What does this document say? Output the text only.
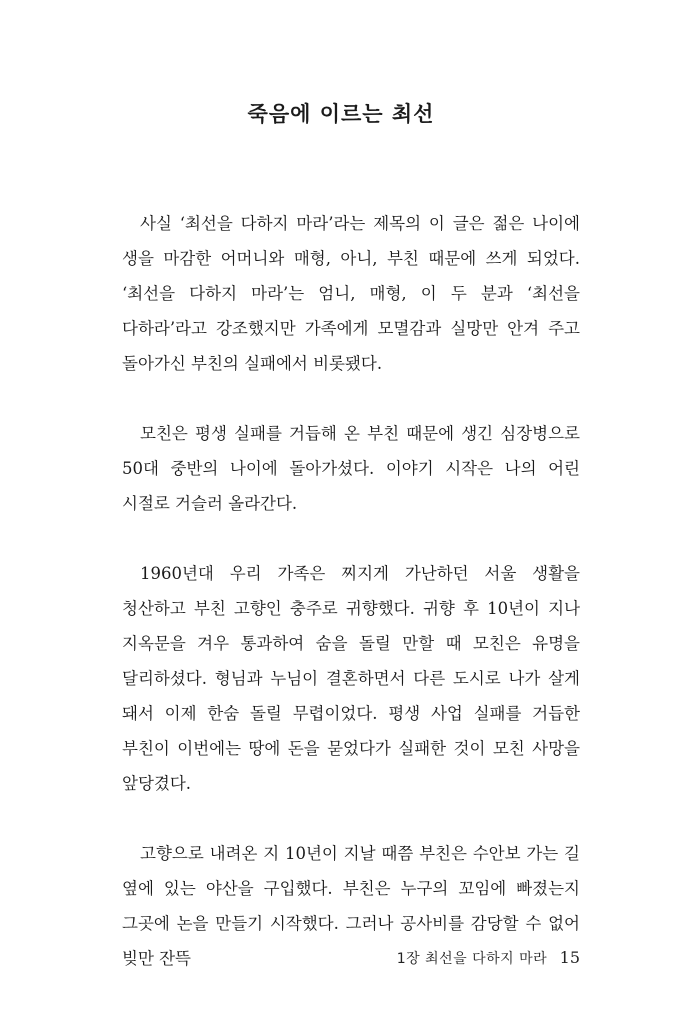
죽음에 이르는 최선

사실 ‘최선을 다하지 마라’라는 제목의 이 글은 젊은 나이에 생을 마감한 어머니와 매형, 아니, 부친 때문에 쓰게 되었다. ‘최선을 다하지 마라’는 엄니, 매형, 이 두 분과 ‘최선을 다하라’라고 강조했지만 가족에게 모멸감과 실망만 안겨 주고 돌아가신 부친의 실패에서 비롯됐다.

모친은 평생 실패를 거듭해 온 부친 때문에 생긴 심장병으로 50대 중반의 나이에 돌아가셨다. 이야기 시작은 나의 어린 시절로 거슬러 올라간다.

1960년대 우리 가족은 찌지게 가난하던 서울 생활을 청산하고 부친 고향인 충주로 귀향했다. 귀향 후 10년이 지나 지옥문을 겨우 통과하여 숨을 돌릴 만할 때 모친은 유명을 달리하셨다. 형님과 누님이 결혼하면서 다른 도시로 나가 살게 돼서 이제 한숨 돌릴 무렵이었다. 평생 사업 실패를 거듭한 부친이 이번에는 땅에 돈을 묻었다가 실패한 것이 모친 사망을 앞당겼다.

고향으로 내려온 지 10년이 지날 때쯤 부친은 수안보 가는 길 옆에 있는 야산을 구입했다. 부친은 누구의 꼬임에 빠졌는지 그곳에 논을 만들기 시작했다. 그러나 공사비를 감당할 수 없어 빚만 잔뜩	1장 최선을 다하지 마라 15
